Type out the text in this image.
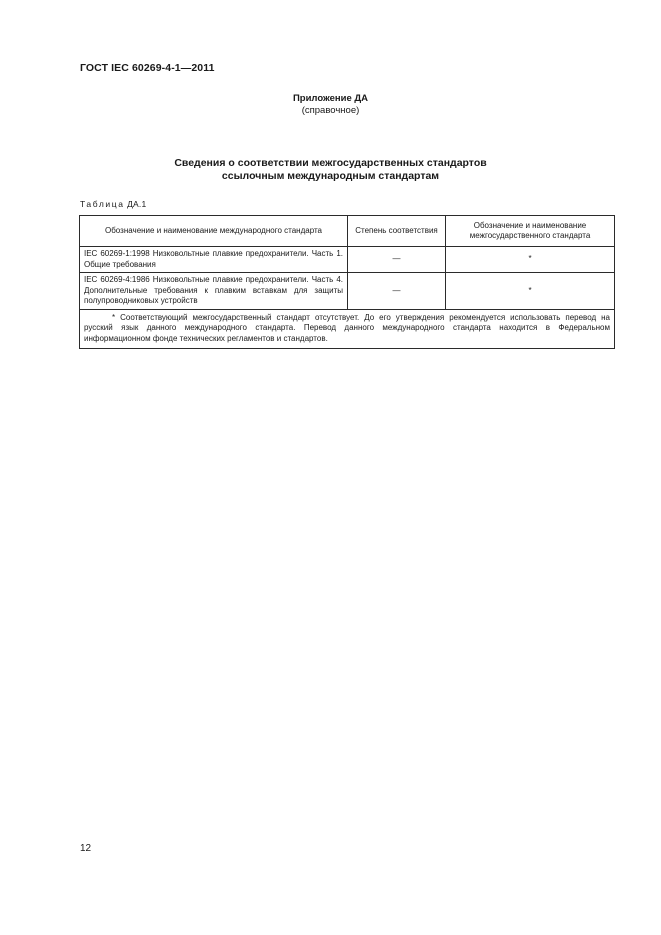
ГОСТ IEC 60269-4-1—2011
Приложение ДА
(справочное)
Сведения о соответствии межгосударственных стандартов
ссылочным международным стандартам
Таблица ДА.1
Обозначение и наименование международного стандарта	Степень соответствия	Обозначение и наименование межгосударственного стандарта
IEC 60269-1:1998 Низковольтные плавкие предохранители. Часть 1. Общие требования	—	*
IEC 60269-4:1986 Низковольтные плавкие предохранители. Часть 4. Дополнительные требования к плавким вставкам для защиты полупроводниковых устройств	—	*
* Соответствующий межгосударственный стандарт отсутствует. До его утверждения рекомендуется использовать перевод на русский язык данного международного стандарта. Перевод данного международного стандарта находится в Федеральном информационном фонде технических регламентов и стандартов.		
12
